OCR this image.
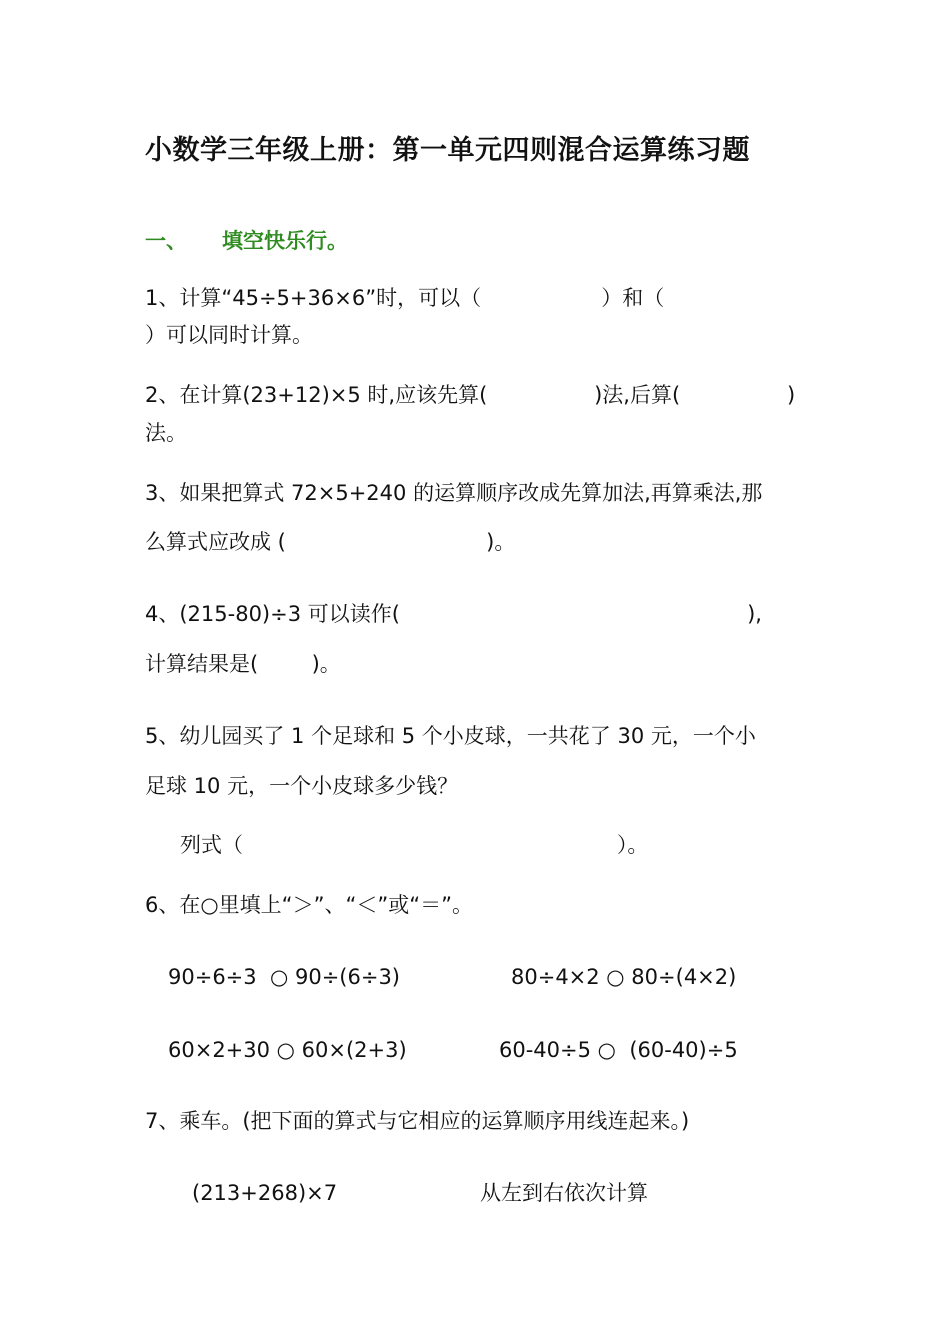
小数学三年级上册：第一单元四则混合运算练习题
一、 填空快乐行。
1、计算“45÷5+36×6”时，可以（                  ）和（
）可以同时计算。
2、在计算(23+12)×5 时,应该先算(                )法,后算(                )
法。
3、如果把算式 72×5+240 的运算顺序改成先算加法,再算乘法,那
么算式应改成 (                              )。
4、(215-80)÷3 可以读作(                                                    ),
计算结果是(        )。
5、幼儿园买了 1 个足球和 5 个小皮球，一共花了 30 元，一个小
足球 10 元，一个小皮球多少钱？
列式（                                                        ）。
6、在○里填上“＞”、“＜”或“＝”。
90÷6÷3  ○ 90÷(6÷3)	80÷4×2 ○ 80÷(4×2)
60×2+30 ○ 60×(2+3)	60-40÷5 ○  (60-40)÷5
7、乘车。(把下面的算式与它相应的运算顺序用线连起来。)
(213+268)×7	从左到右依次计算
